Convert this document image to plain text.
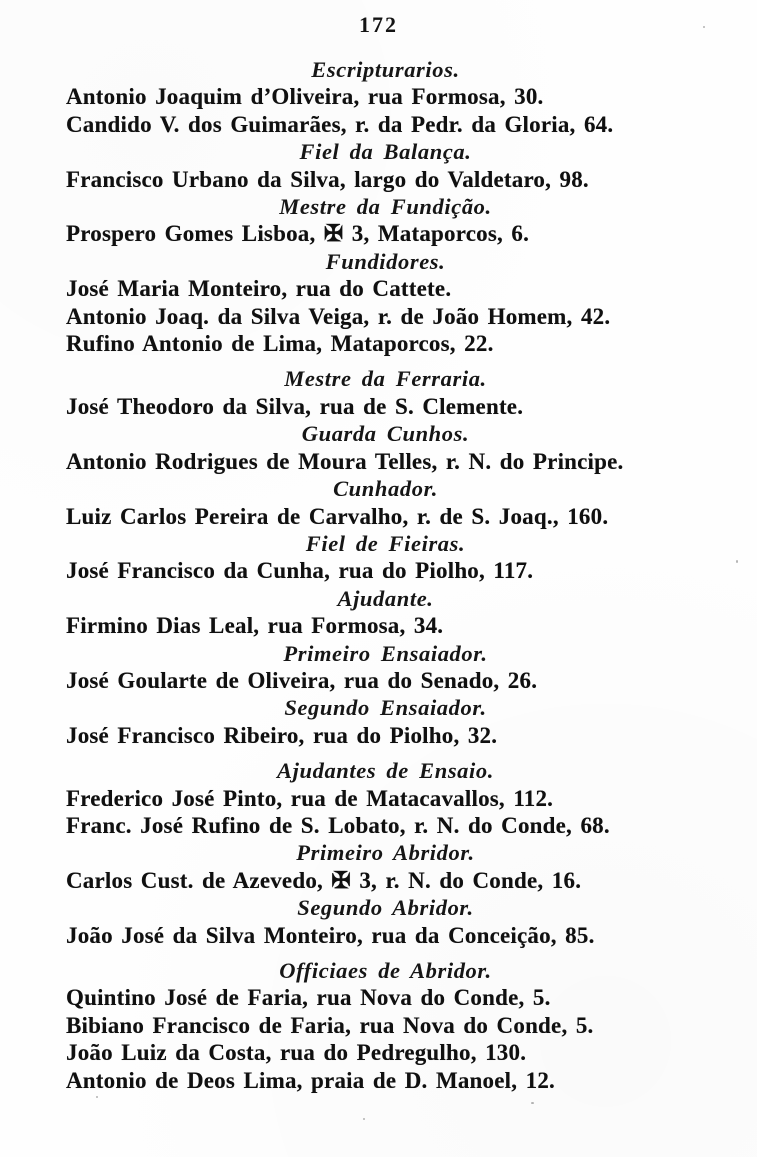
172
Escripturarios.
Antonio Joaquim d’Oliveira, rua Formosa, 30.
Candido V. dos Guimarães, r. da Pedr. da Gloria, 64.
Fiel da Balança.
Francisco Urbano da Silva, largo do Valdetaro, 98.
Mestre da Fundição.
Prospero Gomes Lisboa, ✠ 3, Mataporcos, 6.
Fundidores.
José Maria Monteiro, rua do Cattete.
Antonio Joaq. da Silva Veiga, r. de João Homem, 42.
Rufino Antonio de Lima, Mataporcos, 22.
Mestre da Ferraria.
José Theodoro da Silva, rua de S. Clemente.
Guarda Cunhos.
Antonio Rodrigues de Moura Telles, r. N. do Principe.
Cunhador.
Luiz Carlos Pereira de Carvalho, r. de S. Joaq., 160.
Fiel de Fieiras.
José Francisco da Cunha, rua do Piolho, 117.
Ajudante.
Firmino Dias Leal, rua Formosa, 34.
Primeiro Ensaiador.
José Goularte de Oliveira, rua do Senado, 26.
Segundo Ensaiador.
José Francisco Ribeiro, rua do Piolho, 32.
Ajudantes de Ensaio.
Frederico José Pinto, rua de Matacavallos, 112.
Franc. José Rufino de S. Lobato, r. N. do Conde, 68.
Primeiro Abridor.
Carlos Cust. de Azevedo, ✠ 3, r. N. do Conde, 16.
Segundo Abridor.
João José da Silva Monteiro, rua da Conceição, 85.
Officiaes de Abridor.
Quintino José de Faria, rua Nova do Conde, 5.
Bibiano Francisco de Faria, rua Nova do Conde, 5.
João Luiz da Costa, rua do Pedregulho, 130.
Antonio de Deos Lima, praia de D. Manoel, 12.
